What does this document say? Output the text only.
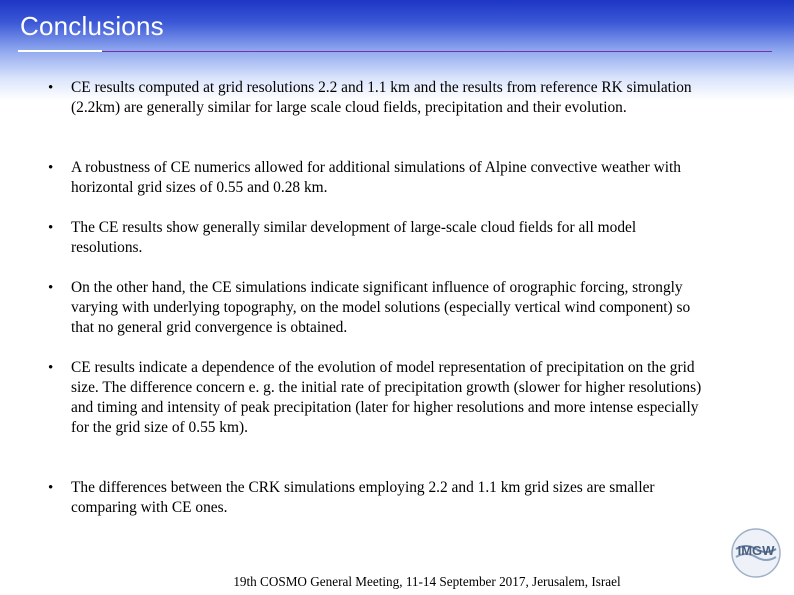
Conclusions
• CE results computed at grid resolutions 2.2 and 1.1 km and the results from reference RK simulation (2.2km) are generally similar for large scale cloud fields, precipitation and their evolution.
• A robustness of CE numerics allowed for additional simulations of Alpine convective weather with horizontal grid sizes of 0.55 and 0.28 km.
• The CE results show generally similar development of large-scale cloud fields for all model resolutions.
• On the other hand, the CE simulations indicate significant influence of orographic forcing, strongly varying with underlying topography, on the model solutions (especially vertical wind component) so that no general grid convergence is obtained.
• CE results indicate a dependence of the evolution of model representation of precipitation on the grid size. The difference concern e. g. the initial rate of precipitation growth (slower for higher resolutions) and timing and intensity of peak precipitation (later for higher resolutions and more intense especially for the grid size of 0.55 km).
• The differences between the CRK simulations employing 2.2 and 1.1 km grid sizes are smaller comparing with CE ones.
IMGW
19th COSMO General Meeting, 11-14 September 2017, Jerusalem, Israel
